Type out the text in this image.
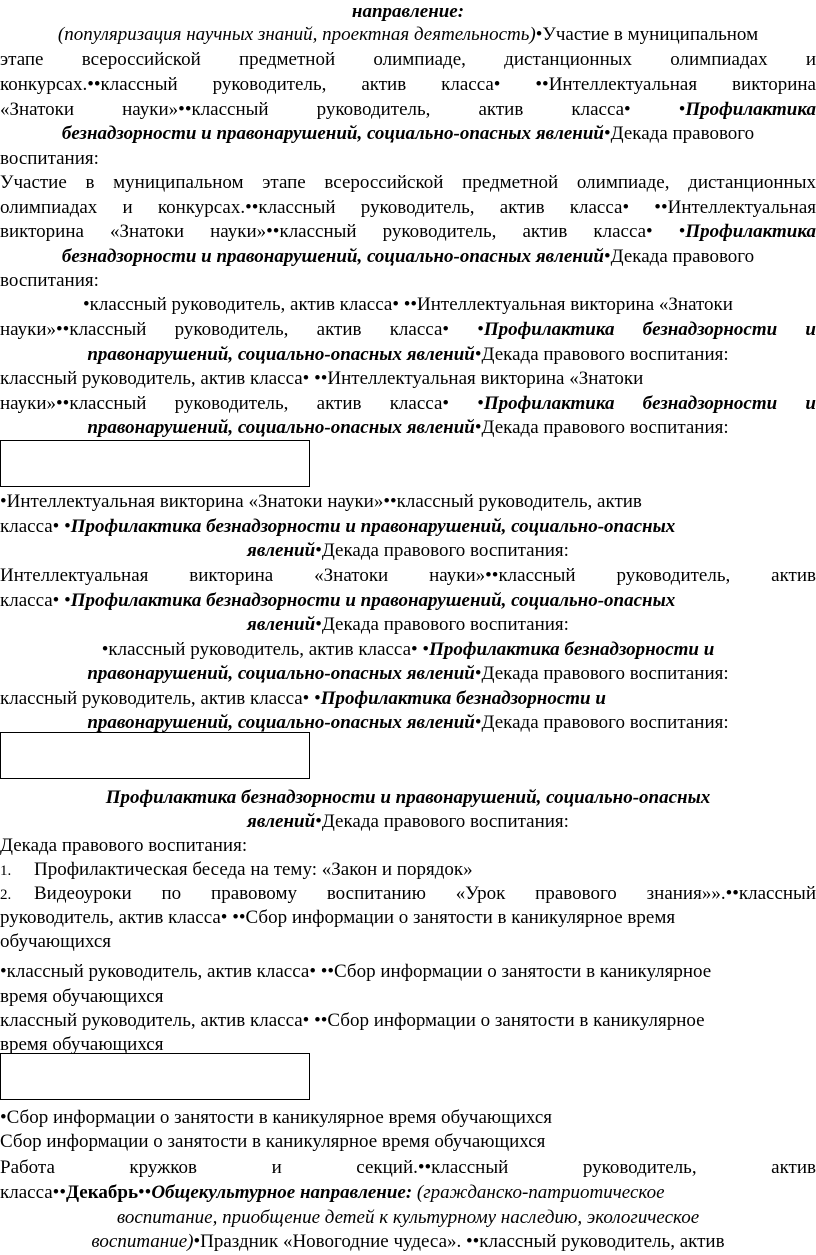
направление:
(популяризация научных знаний, проектная деятельность)•Участие в муниципальном
этапе всероссийской предметной олимпиаде, дистанционных олимпиадах и
конкурсах.••классный руководитель, актив класса• ••Интеллектуальная викторина
«Знатоки науки»••классный руководитель, актив класса• •Профилактика
безнадзорности и правонарушений, социально-опасных явлений•Декада правового
воспитания:
Участие в муниципальном этапе всероссийской предметной олимпиаде, дистанционных
олимпиадах и конкурсах.••классный руководитель, актив класса• ••Интеллектуальная
викторина «Знатоки науки»••классный руководитель, актив класса• •Профилактика
безнадзорности и правонарушений, социально-опасных явлений•Декада правового
воспитания:
•классный руководитель, актив класса• ••Интеллектуальная викторина «Знатоки
науки»••классный руководитель, актив класса• •Профилактика безнадзорности и
правонарушений, социально-опасных явлений•Декада правового воспитания:
классный руководитель, актив класса• ••Интеллектуальная викторина «Знатоки
науки»••классный руководитель, актив класса• •Профилактика безнадзорности и
правонарушений, социально-опасных явлений•Декада правового воспитания:
•Интеллектуальная викторина «Знатоки науки»••классный руководитель, актив
класса• •Профилактика безнадзорности и правонарушений, социально-опасных
явлений•Декада правового воспитания:
Интеллектуальная викторина «Знатоки науки»••классный руководитель, актив
класса• •Профилактика безнадзорности и правонарушений, социально-опасных
явлений•Декада правового воспитания:
•классный руководитель, актив класса• •Профилактика безнадзорности и
правонарушений, социально-опасных явлений•Декада правового воспитания:
классный руководитель, актив класса• •Профилактика безнадзорности и
правонарушений, социально-опасных явлений•Декада правового воспитания:
Профилактика безнадзорности и правонарушений, социально-опасных
явлений•Декада правового воспитания:
Декада правового воспитания:
1. Профилактическая беседа на тему: «Закон и порядок»
2. Видеоуроки по правовому воспитанию «Урок правового знания»».••классный
руководитель, актив класса• ••Сбор информации о занятости в каникулярное время
обучающихся
•классный руководитель, актив класса• ••Сбор информации о занятости в каникулярное
время обучающихся
классный руководитель, актив класса• ••Сбор информации о занятости в каникулярное
время обучающихся
•Сбор информации о занятости в каникулярное время обучающихся
Сбор информации о занятости в каникулярное время обучающихся
Работа кружков и секций.••классный руководитель, актив
класса••Декабрь••Общекультурное направление: (гражданско-патриотическое
воспитание, приобщение детей к культурному наследию, экологическое
воспитание)•Праздник «Новогодние чудеса». ••классный руководитель, актив
